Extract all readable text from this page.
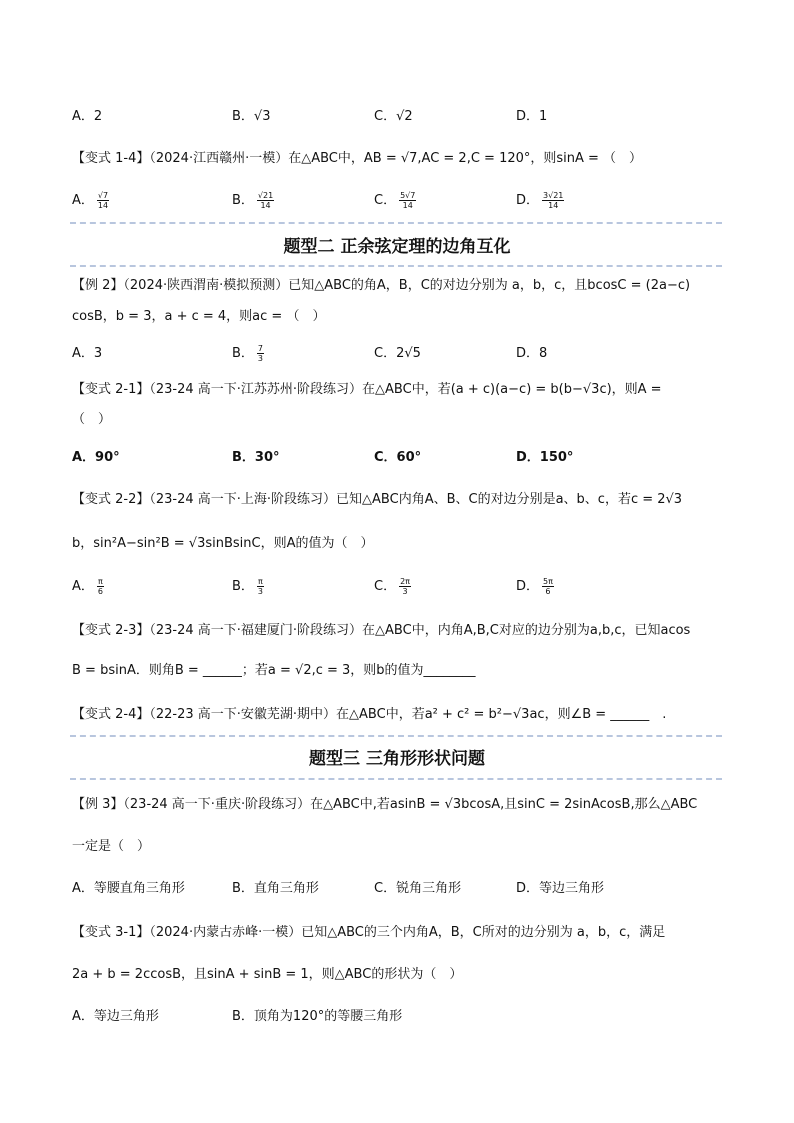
A．2	B．√3	C．√2	D．1
【变式 1-4】（2024·江西赣州·一模）在△ABC中，AB = √7,AC = 2,C = 120°，则sinA = （　）
A． $\frac{√7}{14}$	B． $\frac{√21}{14}$	C． $\frac{5√7}{14}$	D． $\frac{3√21}{14}$
题型二 正余弦定理的边角互化
【例 2】（2024·陕西渭南·模拟预测）已知△ABC的角A，B，C的对边分别为 a，b，c，且bcosC = (2a−c)
cosB，b = 3，a + c = 4，则ac = （　）
A．3	B． $\frac{7}{3}$	C．2√5	D．8
【变式 2-1】（23-24 高一下·江苏苏州·阶段练习）在△ABC中，若(a + c)(a−c) = b(b−√3c)，则A =
（　）
A．90°	B．30°	C．60°	D．150°
【变式 2-2】（23-24 高一下·上海·阶段练习）已知△ABC内角A、B、C的对边分别是a、b、c，若c = 2√3
b，sin²A−sin²B = √3sinBsinC，则A的值为（　）
A． $\frac{\pi}{6}$	B． $\frac{\pi}{3}$	C． $\frac{2\pi}{3}$	D． $\frac{5\pi}{6}$
【变式 2-3】（23-24 高一下·福建厦门·阶段练习）在△ABC中，内角A,B,C对应的边分别为a,b,c，已知acos
B = bsinA．则角B = ______；若a = √2,c = 3，则b的值为________
【变式 2-4】（22-23 高一下·安徽芜湖·期中）在△ABC中，若a² + c² = b²−√3ac，则∠B = ______　.
题型三 三角形形状问题
【例 3】（23-24 高一下·重庆·阶段练习）在△ABC中,若asinB = √3bcosA,且sinC = 2sinAcosB,那么△ABC
一定是（　）
A．等腰直角三角形	B．直角三角形	C．锐角三角形	D．等边三角形
【变式 3-1】（2024·内蒙古赤峰·一模）已知△ABC的三个内角A，B，C所对的边分别为 a，b，c，满足
2a + b = 2ccosB，且sinA + sinB = 1，则△ABC的形状为（　）
A．等边三角形	B．顶角为120°的等腰三角形
